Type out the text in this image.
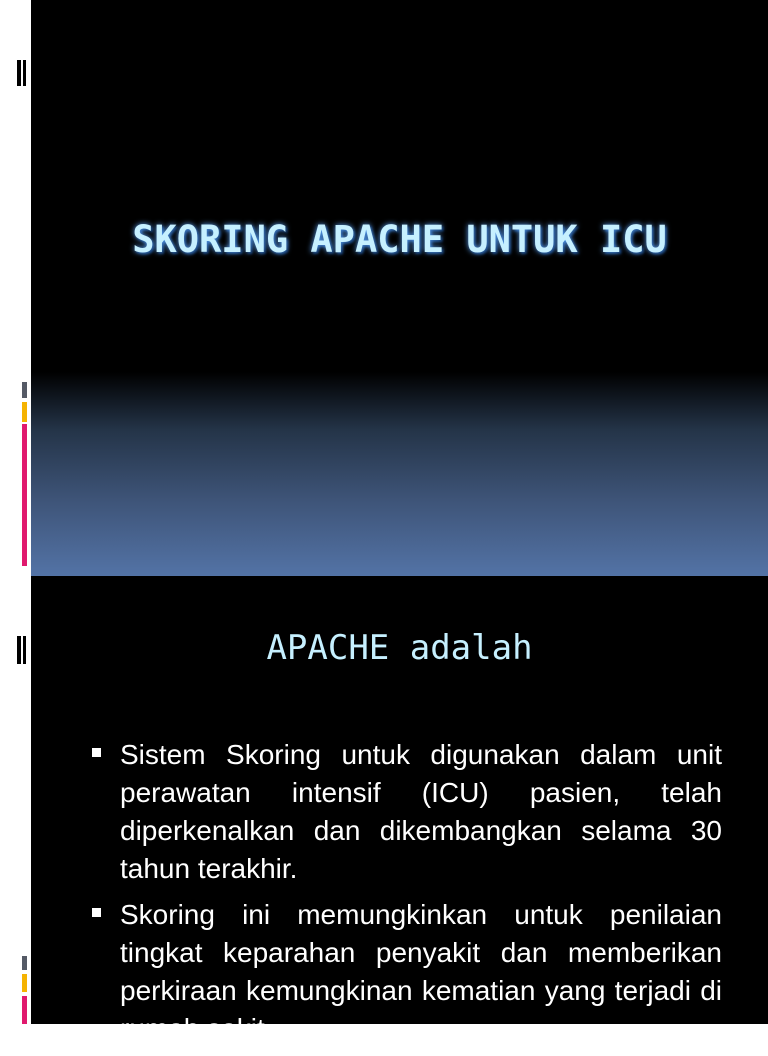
SKORING APACHE UNTUK ICU
APACHE adalah
Sistem Skoring untuk digunakan dalam unit perawatan intensif (ICU) pasien, telah diperkenalkan dan dikembangkan selama 30 tahun terakhir.
Skoring ini memungkinkan untuk penilaian tingkat keparahan penyakit dan memberikan perkiraan kemungkinan kematian yang terjadi di rumah sakit.
